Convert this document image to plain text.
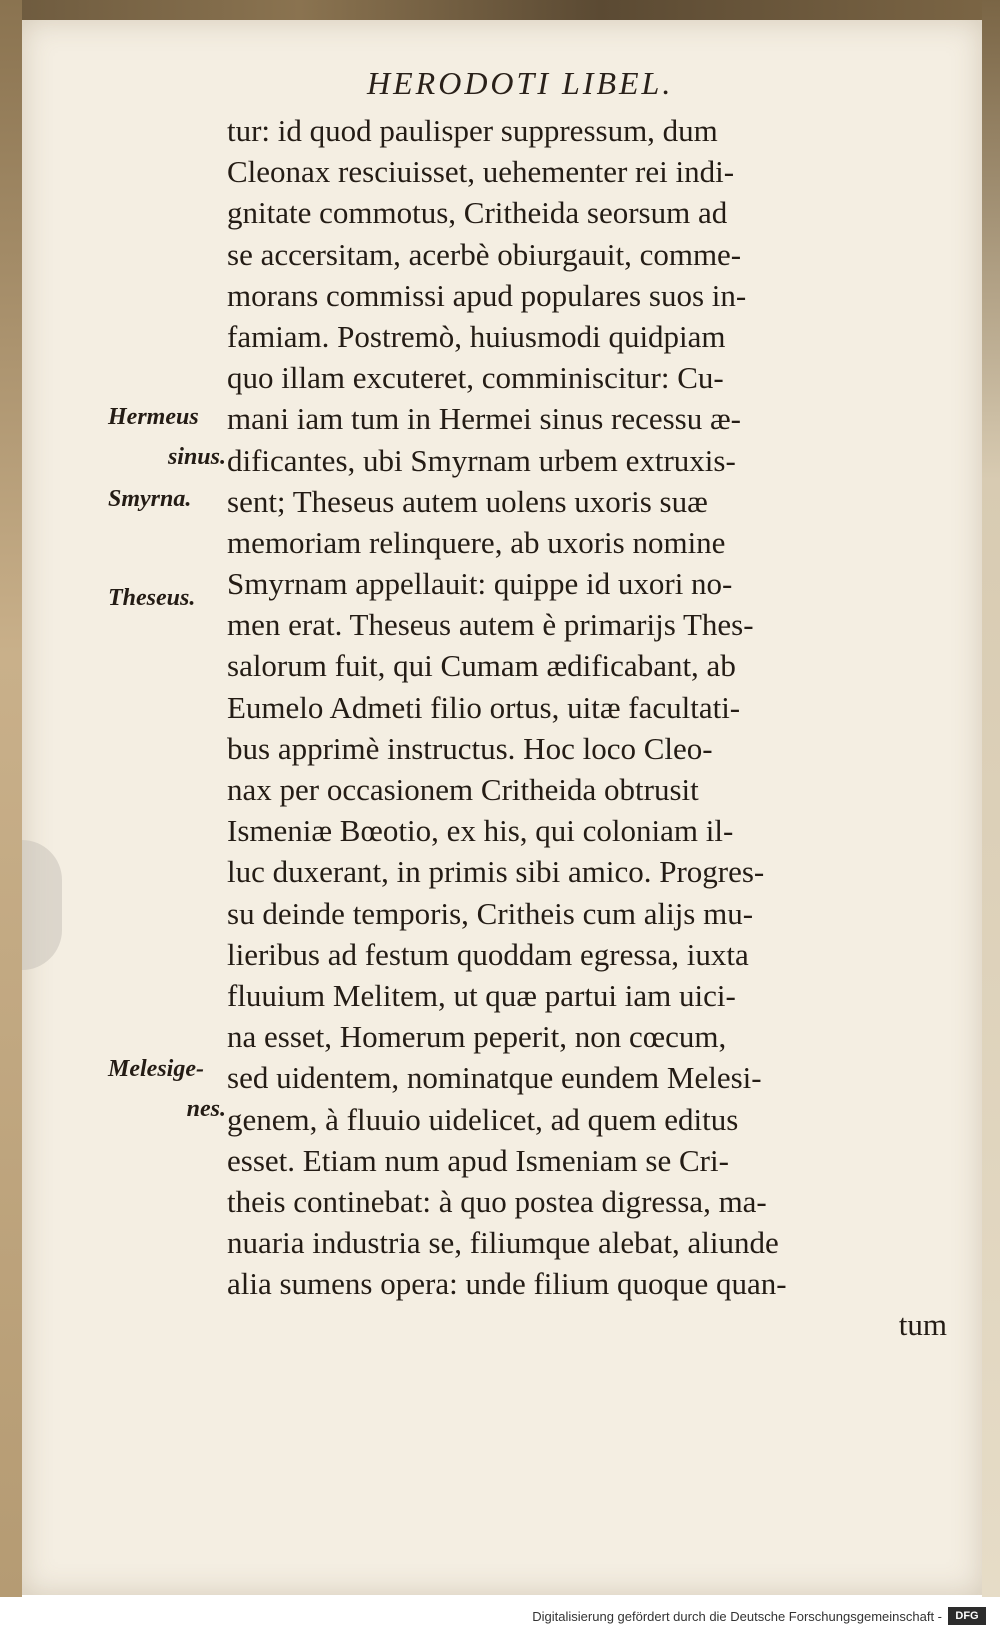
HERODOTI LIBEL.
Hermeus
sinus.
Smyrna.
Theseus.
Melesige-
nes.
tur: id quod paulisper suppressum, dum
Cleonax resciuisset, uehementer rei indi-
gnitate commotus, Critheida seorsum ad
se accersitam, acerbè obiurgauit, comme-
morans commissi apud populares suos in-
famiam. Postremò, huiusmodi quidpiam
quo illam excuteret, comminiscitur: Cu-
mani iam tum in Hermei sinus recessu æ-
dificantes, ubi Smyrnam urbem extruxis-
sent; Theseus autem uolens uxoris suæ
memoriam relinquere, ab uxoris nomine
Smyrnam appellauit: quippe id uxori no-
men erat. Theseus autem è primarijs Thes-
salorum fuit, qui Cumam ædificabant, ab
Eumelo Admeti filio ortus, uitæ facultati-
bus apprimè instructus. Hoc loco Cleo-
nax per occasionem Critheida obtrusit
Ismeniæ Bœotio, ex his, qui coloniam il-
luc duxerant, in primis sibi amico. Progres-
su deinde temporis, Critheis cum alijs mu-
lieribus ad festum quoddam egressa, iuxta
fluuium Melitem, ut quæ partui iam uici-
na esset, Homerum peperit, non cœcum,
sed uidentem, nominatque eundem Melesi-
genem, à fluuio uidelicet, ad quem editus
esset. Etiam num apud Ismeniam se Cri-
theis continebat: à quo postea digressa, ma-
nuaria industria se, filiumque alebat, aliunde
alia sumens opera: unde filium quoque quan-
tum
Digitalisierung gefördert durch die Deutsche Forschungsgemeinschaft -	DFG
